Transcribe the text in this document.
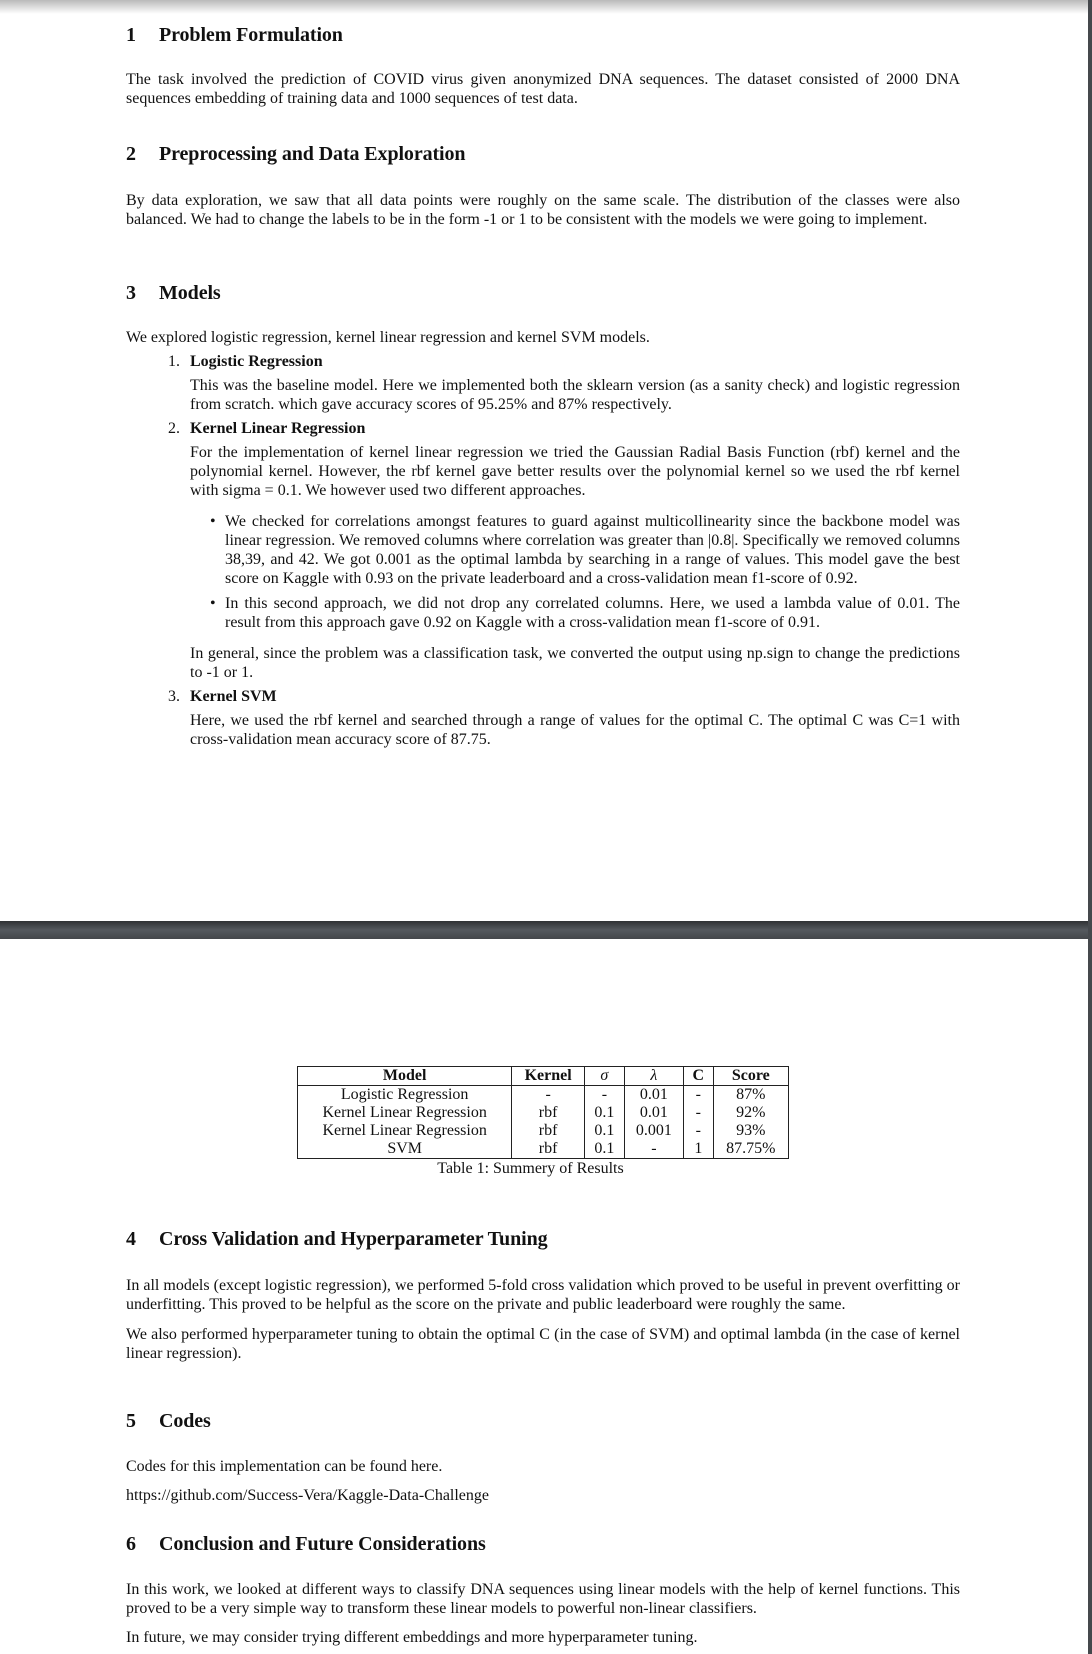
1 Problem Formulation

The task involved the prediction of COVID virus given anonymized DNA sequences. The dataset consisted of 2000 DNA sequences embedding of training data and 1000 sequences of test data.

2 Preprocessing and Data Exploration

By data exploration, we saw that all data points were roughly on the same scale. The distribution of the classes were also balanced. We had to change the labels to be in the form -1 or 1 to be consistent with the models we were going to implement.

3 Models

We explored logistic regression, kernel linear regression and kernel SVM models.

1. Logistic Regression

This was the baseline model. Here we implemented both the sklearn version (as a sanity check) and logistic regression from scratch. which gave accuracy scores of 95.25% and 87% respectively.

2. Kernel Linear Regression

For the implementation of kernel linear regression we tried the Gaussian Radial Basis Function (rbf) kernel and the polynomial kernel. However, the rbf kernel gave better results over the polynomial kernel so we used the rbf kernel with sigma = 0.1. We however used two different approaches.

• We checked for correlations amongst features to guard against multicollinearity since the backbone model was linear regression. We removed columns where correlation was greater than |0.8|. Specifically we removed columns 38,39, and 42. We got 0.001 as the optimal lambda by searching in a range of values. This model gave the best score on Kaggle with 0.93 on the private leaderboard and a cross-validation mean f1-score of 0.92.

• In this second approach, we did not drop any correlated columns. Here, we used a lambda value of 0.01. The result from this approach gave 0.92 on Kaggle with a cross-validation mean f1-score of 0.91.

In general, since the problem was a classification task, we converted the output using np.sign to change the predictions to -1 or 1.

3. Kernel SVM

Here, we used the rbf kernel and searched through a range of values for the optimal C. The optimal C was C=1 with cross-validation mean accuracy score of 87.75.

Model	Kernel	σ	λ	C	Score
Logistic Regression	-	-	0.01	-	87%
Kernel Linear Regression	rbf	0.1	0.01	-	92%
Kernel Linear Regression	rbf	0.1	0.001	-	93%
SVM	rbf	0.1	-	1	87.75%
Table 1: Summery of Results
4 Cross Validation and Hyperparameter Tuning

In all models (except logistic regression), we performed 5-fold cross validation which proved to be useful in prevent overfitting or underfitting. This proved to be helpful as the score on the private and public leaderboard were roughly the same.

We also performed hyperparameter tuning to obtain the optimal C (in the case of SVM) and optimal lambda (in the case of kernel linear regression).

5 Codes

Codes for this implementation can be found here.

https://github.com/Success-Vera/Kaggle-Data-Challenge

6 Conclusion and Future Considerations

In this work, we looked at different ways to classify DNA sequences using linear models with the help of kernel functions. This proved to be a very simple way to transform these linear models to powerful non-linear classifiers.

In future, we may consider trying different embeddings and more hyperparameter tuning.
